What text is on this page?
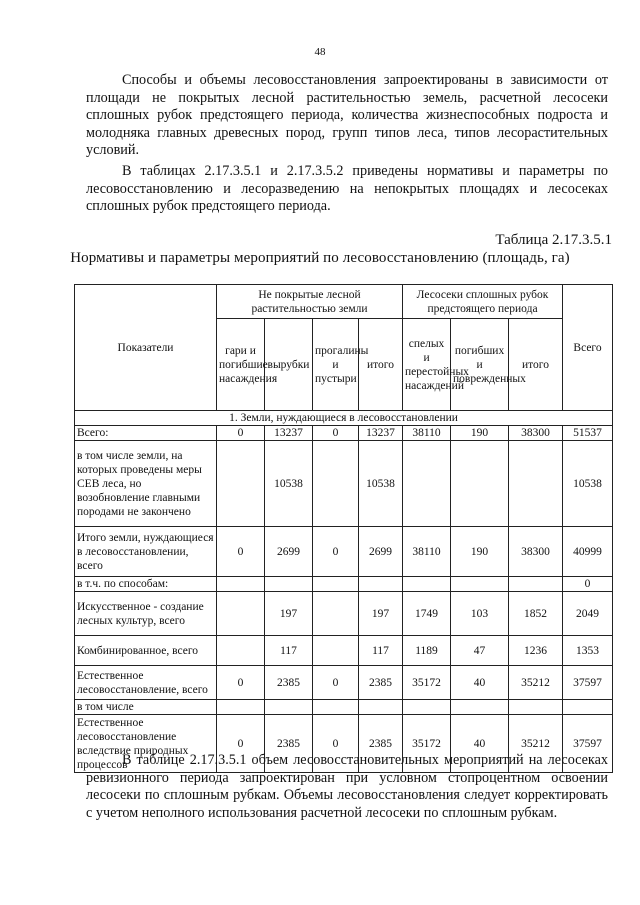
48

Способы и объемы лесовосстановления запроектированы в зависимости от площади не покрытых лесной растительностью земель, расчетной лесосеки сплошных рубок предстоящего периода, количества жизнеспособных подроста и молодняка главных древесных пород, групп типов леса, типов лесорастительных условий.

В таблицах 2.17.3.5.1 и 2.17.3.5.2 приведены нормативы и параметры по лесовосстановлению и лесоразведению на непокрытых площадях и лесосеках сплошных рубок предстоящего периода.

Таблица 2.17.3.5.1
Нормативы и параметры мероприятий по лесовосстановлению (площадь, га)
Показатели	Не покрытые лесной растительностью земли				Лесосеки сплошных рубок предстоящего периода			Всего
	гари и погибшие насаждения	вырубки	прогалины и пустыри	итого	спелых и перестойных насаждений	погибших и поврежденных	итого	
1. Земли, нуждающиеся в лесовосстановлении								
Всего:	0	13237	0	13237	38110	190	38300	51537
в том числе земли, на которых проведены меры СЕВ леса, но возобновление главными породами не закончено		10538		10538				10538
Итого земли, нуждающиеся в лесовосстановлении, всего	0	2699	0	2699	38110	190	38300	40999
в т.ч. по способам:								0
Искусственное - создание лесных культур, всего		197		197	1749	103	1852	2049
Комбинированное, всего		117		117	1189	47	1236	1353
Естественное лесовосстановление, всего	0	2385	0	2385	35172	40	35212	37597
в том числе								
Естественное лесовосстановление вследствие природных процессов	0	2385	0	2385	35172	40	35212	37597

В таблице 2.17.3.5.1 объем лесовосстановительных мероприятий на лесосеках ревизионного периода запроектирован при условном стопроцентном освоении лесосеки по сплошным рубкам. Объемы лесовосстановления следует корректировать с учетом неполного использования расчетной лесосеки по сплошным рубкам.
